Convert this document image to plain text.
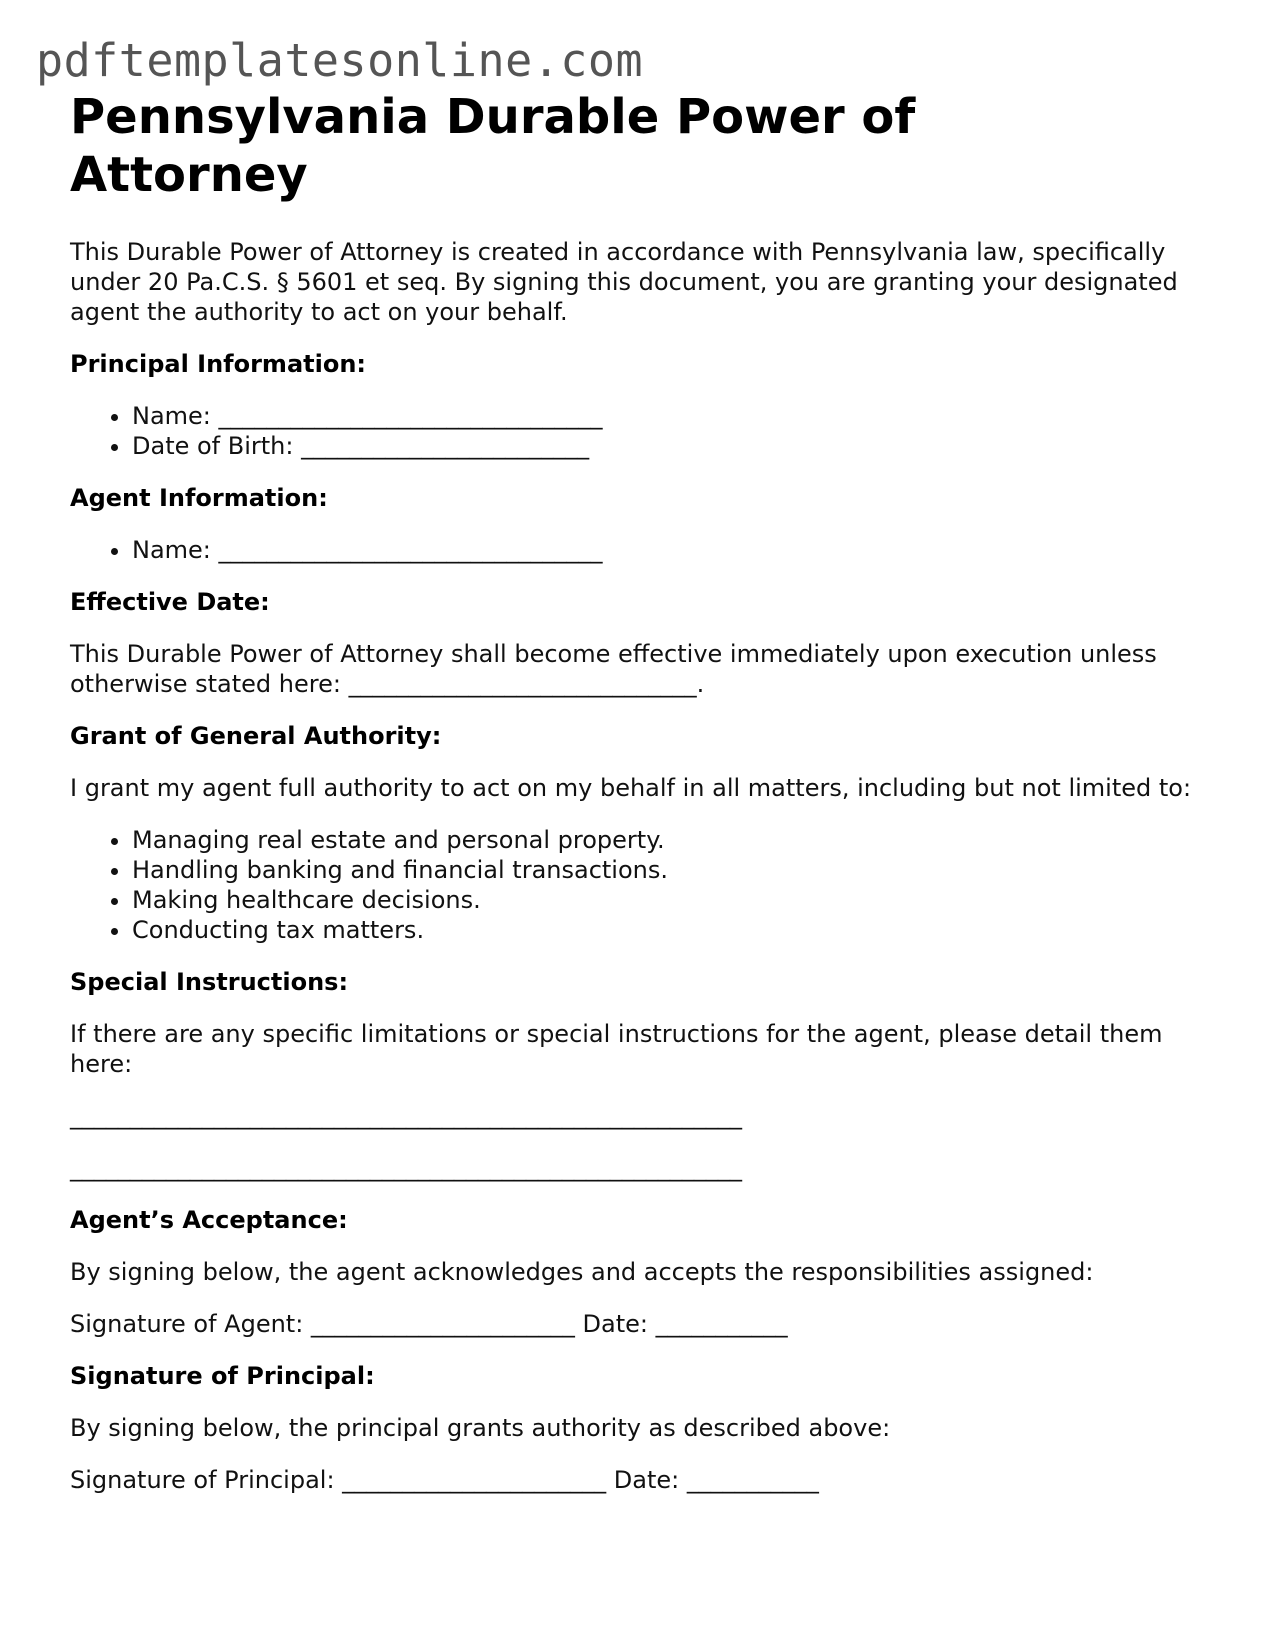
pdftemplatesonline.com
Pennsylvania Durable Power of Attorney

This Durable Power of Attorney is created in accordance with Pennsylvania law, specifically under 20 Pa.C.S. § 5601 et seq. By signing this document, you are granting your designated agent the authority to act on your behalf.

Principal Information:
• Name: ________________________________
• Date of Birth: ________________________
Agent Information:
• Name: ________________________________
Effective Date:

This Durable Power of Attorney shall become effective immediately upon execution unless otherwise stated here: _____________________________.

Grant of General Authority:

I grant my agent full authority to act on my behalf in all matters, including but not limited to:

• Managing real estate and personal property.
• Handling banking and financial transactions.
• Making healthcare decisions.
• Conducting tax matters.
Special Instructions:

If there are any specific limitations or special instructions for the agent, please detail them here:

________________________________________________________
________________________________________________________
Agent’s Acceptance:

By signing below, the agent acknowledges and accepts the responsibilities assigned:

Signature of Agent: ______________________ Date: ___________

Signature of Principal:

By signing below, the principal grants authority as described above:

Signature of Principal: ______________________ Date: ___________
